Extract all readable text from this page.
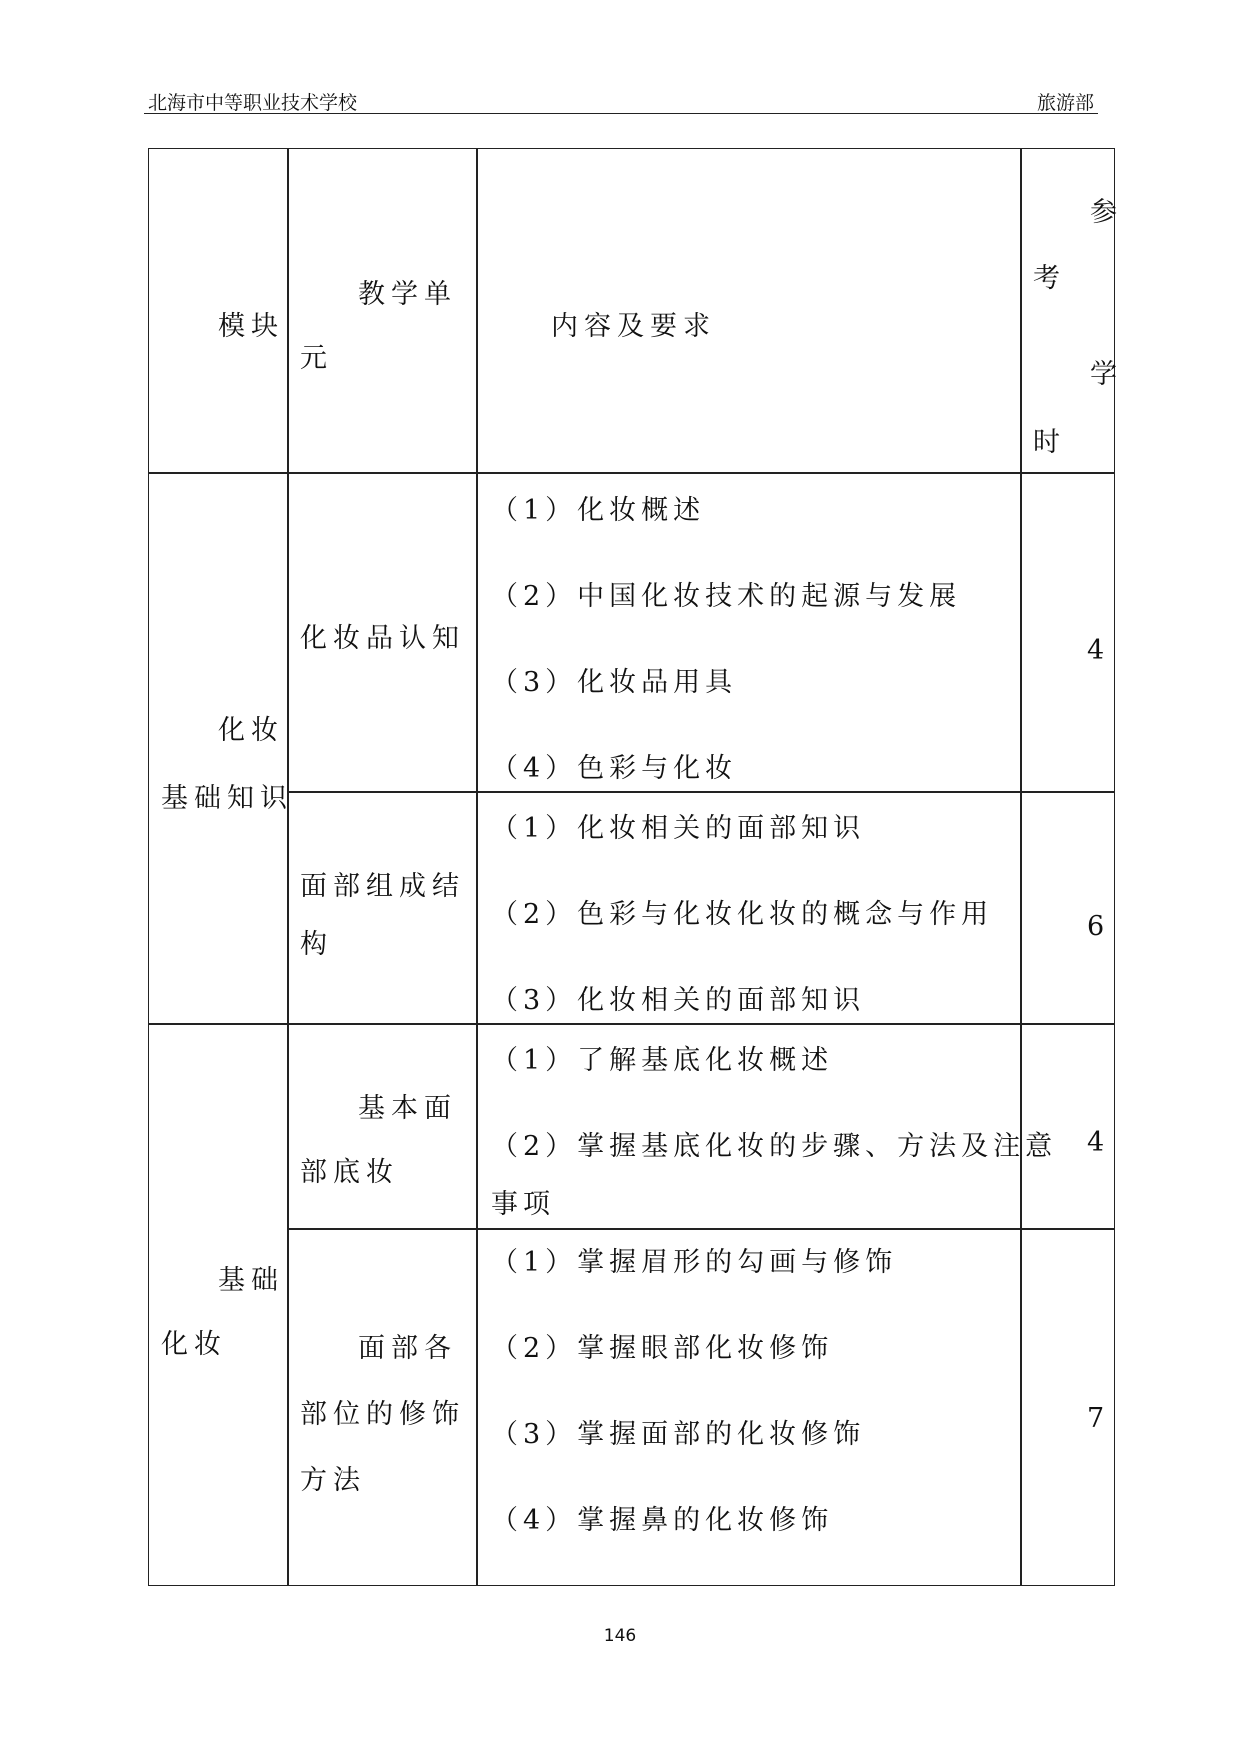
北海市中等职业技术学校	旅游部
模块
教学单
元
内容及要求
参
考
学
时
化妆
基础知识
化妆品认知
（1）化妆概述
（2）中国化妆技术的起源与发展
（3）化妆品用具
（4）色彩与化妆
4
面部组成结
构
（1）化妆相关的面部知识
（2）色彩与化妆化妆的概念与作用
（3）化妆相关的面部知识
6
基础
化妆
基本面
部底妆
（1）了解基底化妆概述
（2）掌握基底化妆的步骤、方法及注意
事项
4
面部各
部位的修饰
方法
（1）掌握眉形的勾画与修饰
（2）掌握眼部化妆修饰
（3）掌握面部的化妆修饰
（4）掌握鼻的化妆修饰
7
146
